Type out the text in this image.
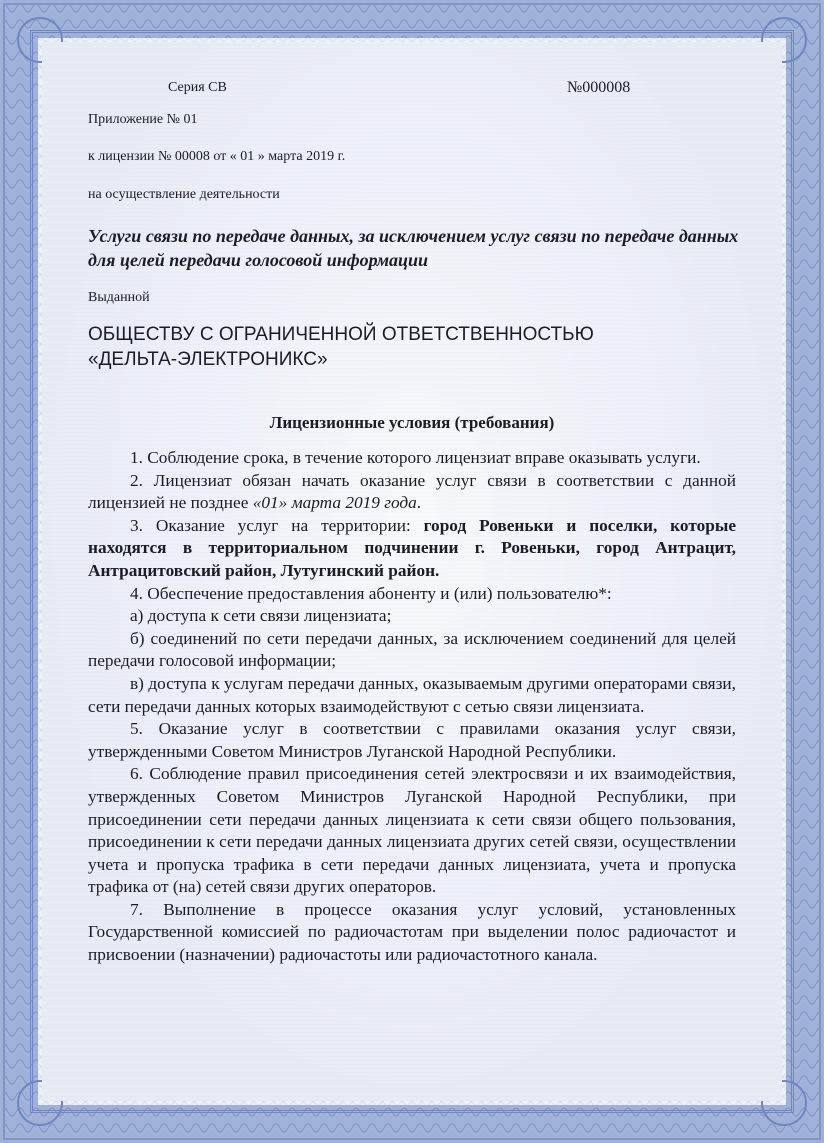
Серия СВ	№000008
Приложение № 01
к лицензии № 00008 от « 01 » марта 2019 г.
на осуществление деятельности
Услуги связи по передаче данных, за исключением услуг связи по передаче данных для целей передачи голосовой информации
Выданной
ОБЩЕСТВУ С ОГРАНИЧЕННОЙ ОТВЕТСТВЕННОСТЬЮ
«ДЕЛЬТА-ЭЛЕКТРОНИКС»
Лицензионные условия (требования)

1. Соблюдение срока, в течение которого лицензиат вправе оказывать услуги.

2. Лицензиат обязан начать оказание услуг связи в соответствии с данной лицензией не позднее «01» марта 2019 года.

3. Оказание услуг на территории: город Ровеньки и поселки, которые находятся в территориальном подчинении г. Ровеньки, город Антрацит, Антрацитовский район, Лутугинский район.

4. Обеспечение предоставления абоненту и (или) пользователю*:

а) доступа к сети связи лицензиата;

б) соединений по сети передачи данных, за исключением соединений для целей передачи голосовой информации;

в) доступа к услугам передачи данных, оказываемым другими операторами связи, сети передачи данных которых взаимодействуют с сетью связи лицензиата.

5. Оказание услуг в соответствии с правилами оказания услуг связи, утвержденными Советом Министров Луганской Народной Республики.

6. Соблюдение правил присоединения сетей электросвязи и их взаимодействия, утвержденных Советом Министров Луганской Народной Республики, при присоединении сети передачи данных лицензиата к сети связи общего пользования, присоединении к сети передачи данных лицензиата других сетей связи, осуществлении учета и пропуска трафика в сети передачи данных лицензиата, учета и пропуска трафика от (на) сетей связи других операторов.

7. Выполнение в процессе оказания услуг условий, установленных Государственной комиссией по радиочастотам при выделении полос радиочастот и присвоении (назначении) радиочастоты или радиочастотного канала.
